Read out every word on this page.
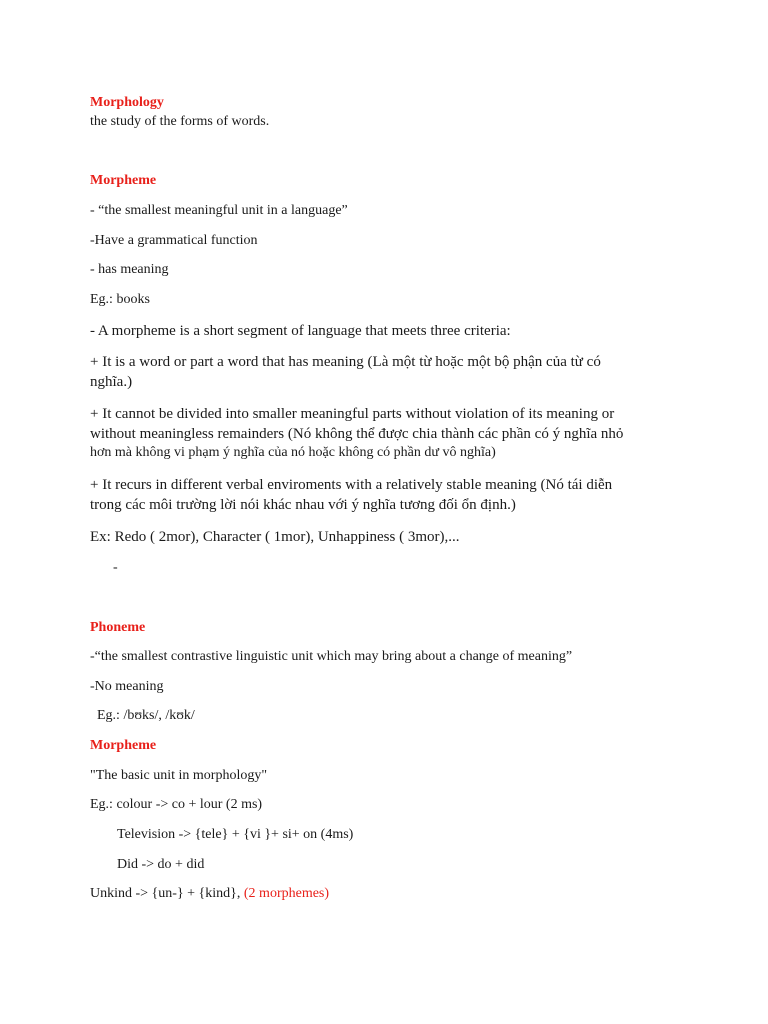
Morphology
the study of the forms of words.
Morpheme
- “the smallest meaningful unit in a language”
-Have a grammatical function
- has meaning
Eg.: books
- A morpheme is a short segment of language that meets three criteria:
+ It is a word or part a word that has meaning (Là một từ hoặc một bộ phận của từ có
nghĩa.)
+ It cannot be divided into smaller meaningful parts without violation of its meaning or
without meaningless remainders (Nó không thể được chia thành các phần có ý nghĩa nhỏ
hơn mà không vi phạm ý nghĩa của nó hoặc không có phần dư vô nghĩa)
+ It recurs in different verbal enviroments with a relatively stable meaning (Nó tái diễn
trong các môi trường lời nói khác nhau với ý nghĩa tương đối ổn định.)
Ex: Redo ( 2mor), Character ( 1mor), Unhappiness ( 3mor),...
-
Phoneme
-“the smallest contrastive linguistic unit which may bring about a change of meaning”
-No meaning
Eg.: /bʊks/, /kʊk/
Morpheme
"The basic unit in morphology"
Eg.: colour -> co + lour (2 ms)
Television -> {tele} + {vi }+ si+ on (4ms)
Did -> do + did
Unkind -> {un-} + {kind}, (2 morphemes)
